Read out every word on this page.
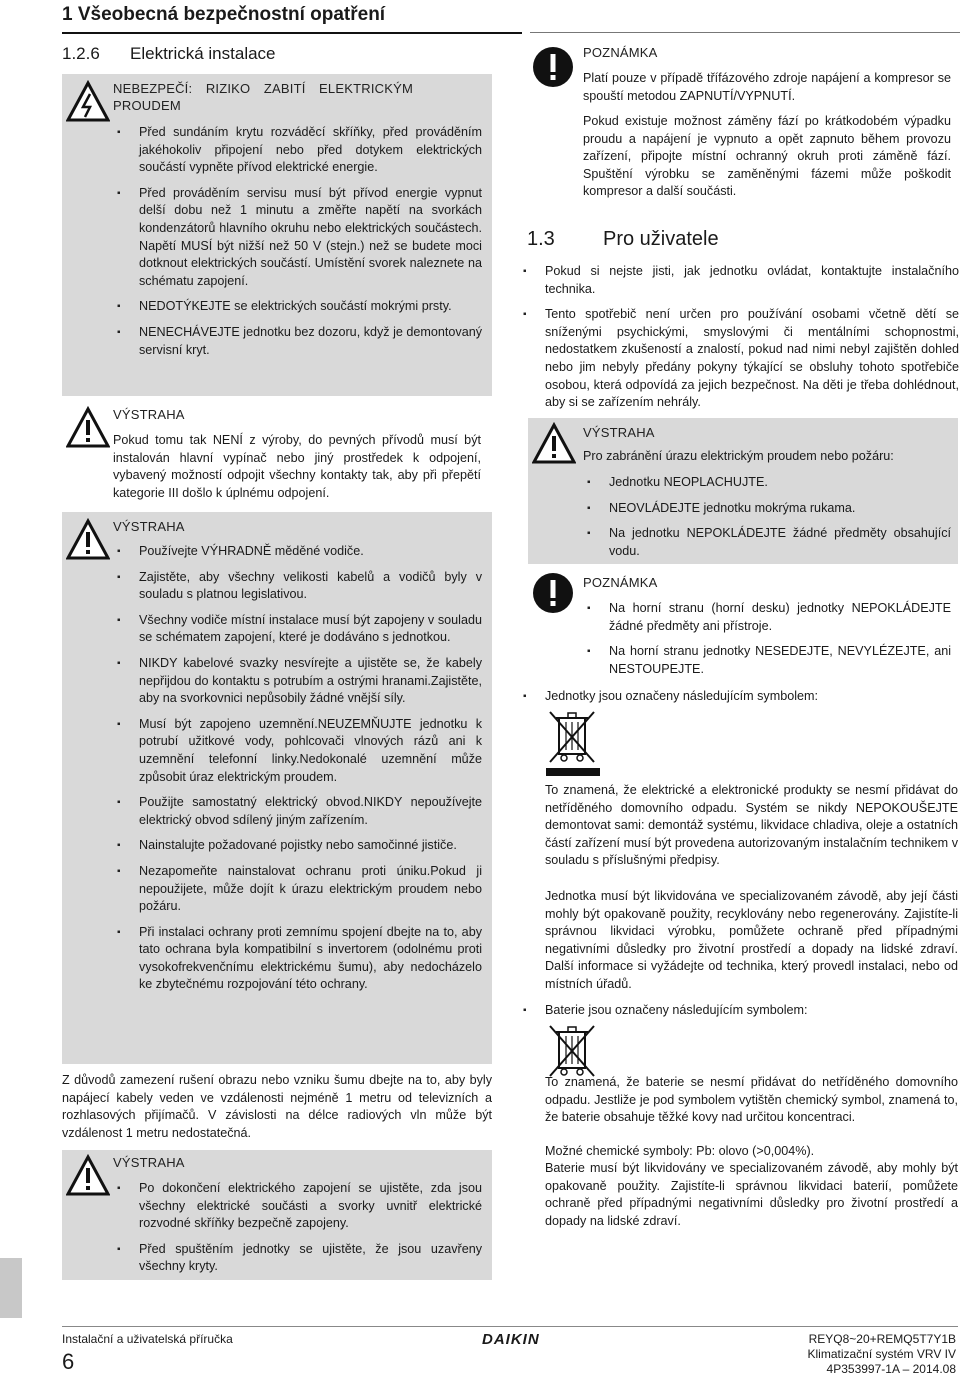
1 Všeobecná bezpečnostní opatření
1.2.6 Elektrická instalace
NEBEZPEČÍ: RIZIKO ZABITÍ ELEKTRICKÝM PROUDEM
▪ Před sundáním krytu rozváděcí skříňky, před prováděním jakéhokoliv připojení nebo před dotykem elektrických součástí vypněte přívod elektrické energie.
▪ Před prováděním servisu musí být přívod energie vypnut delší dobu než 1 minutu a změřte napětí na svorkách kondenzátorů hlavního okruhu nebo elektrických součástech. Napětí MUSÍ být nižší než 50 V (stejn.) než se budete moci dotknout elektrických součástí. Umístění svorek naleznete na schématu zapojení.
▪ NEDOTÝKEJTE se elektrických součástí mokrými prsty.
▪ NENECHÁVEJTE jednotku bez dozoru, když je demontovaný servisní kryt.
VÝSTRAHA
Pokud tomu tak NENÍ z výroby, do pevných přívodů musí být instalován hlavní vypínač nebo jiný prostředek k odpojení, vybavený možností odpojit všechny kontakty tak, aby při přepětí kategorie III došlo k úplnému odpojení.
VÝSTRAHA
▪ Používejte VÝHRADNĚ měděné vodiče.
▪ Zajistěte, aby všechny velikosti kabelů a vodičů byly v souladu s platnou legislativou.
▪ Všechny vodiče místní instalace musí být zapojeny v souladu se schématem zapojení, které je dodáváno s jednotkou.
▪ NIKDY kabelové svazky nesvírejte a ujistěte se, že kabely nepřijdou do kontaktu s potrubím a ostrými hranami.Zajistěte, aby na svorkovnici nepůsobily žádné vnější síly.
▪ Musí být zapojeno uzemnění.NEUZEMŇUJTE jednotku k potrubí užitkové vody, pohlcovači vlnových rázů ani k uzemnění telefonní linky.Nedokonalé uzemnění může způsobit úraz elektrickým proudem.
▪ Použijte samostatný elektrický obvod.NIKDY nepoužívejte elektrický obvod sdílený jiným zařízením.
▪ Nainstalujte požadované pojistky nebo samočinné jističe.
▪ Nezapomeňte nainstalovat ochranu proti úniku.Pokud ji nepoužijete, může dojít k úrazu elektrickým proudem nebo požáru.
▪ Při instalaci ochrany proti zemnímu spojení dbejte na to, aby tato ochrana byla kompatibilní s invertorem (odolnému proti vysokofrekvenčnímu elektrickému šumu), aby nedocházelo ke zbytečnému rozpojování této ochrany.
Z důvodů zamezení rušení obrazu nebo vzniku šumu dbejte na to, aby byly napájecí kabely veden ve vzdálenosti nejméně 1 metru od televizních a rozhlasových přijímačů. V závislosti na délce radiových vln může být vzdálenost 1 metru nedostatečná.
VÝSTRAHA
▪ Po dokončení elektrického zapojení se ujistěte, zda jsou všechny elektrické součásti a svorky uvnitř elektrické rozvodné skříňky bezpečně zapojeny.
▪ Před spuštěním jednotky se ujistěte, že jsou uzavřeny všechny kryty.
POZNÁMKA
Platí pouze v případě třífázového zdroje napájení a kompresor se spouští metodou ZAPNUTÍ/VYPNUTÍ.
Pokud existuje možnost záměny fází po krátkodobém výpadku proudu a napájení je vypnuto a opět zapnuto během provozu zařízení, připojte místní ochranný okruh proti záměně fází. Spuštění výrobku se zaměněnými fázemi může poškodit kompresor a další součásti.
1.3 Pro uživatele
▪ Pokud si nejste jisti, jak jednotku ovládat, kontaktujte instalačního technika.
▪ Tento spotřebič není určen pro používání osobami včetně dětí se sníženými psychickými, smyslovými či mentálními schopnostmi, nedostatkem zkušeností a znalostí, pokud nad nimi nebyl zajištěn dohled nebo jim nebyly předány pokyny týkající se obsluhy tohoto spotřebiče osobou, která odpovídá za jejich bezpečnost. Na děti je třeba dohlédnout, aby si se zařízením nehrály.
VÝSTRAHA
Pro zabránění úrazu elektrickým proudem nebo požáru:
▪ Jednotku NEOPLACHUJTE.
▪ NEOVLÁDEJTE jednotku mokrýma rukama.
▪ Na jednotku NEPOKLÁDEJTE žádné předměty obsahující vodu.
POZNÁMKA
▪ Na horní stranu (horní desku) jednotky NEPOKLÁDEJTE žádné předměty ani přístroje.
▪ Na horní stranu jednotky NESEDEJTE, NEVYLÉZEJTE, ani NESTOUPEJTE.
▪ Jednotky jsou označeny následujícím symbolem:
To znamená, že elektrické a elektronické produkty se nesmí přidávat do netříděného domovního odpadu. Systém se nikdy NEPOKOUŠEJTE demontovat sami: demontáž systému, likvidace chladiva, oleje a ostatních částí zařízení musí být provedena autorizovaným instalačním technikem v souladu s příslušnými předpisy.
Jednotka musí být likvidována ve specializovaném závodě, aby její části mohly být opakovaně použity, recyklovány nebo regenerovány. Zajistíte-li správnou likvidaci výrobku, pomůžete ochraně před případnými negativními důsledky pro životní prostředí a dopady na lidské zdraví. Další informace si vyžádejte od technika, který provedl instalaci, nebo od místních úřadů.
▪ Baterie jsou označeny následujícím symbolem:
To znamená, že baterie se nesmí přidávat do netříděného domovního odpadu. Jestliže je pod symbolem vytištěn chemický symbol, znamená to, že baterie obsahuje těžké kovy nad určitou koncentraci.
Možné chemické symboly: Pb: olovo (>0,004%).
Baterie musí být likvidovány ve specializovaném závodě, aby mohly být opakovaně použity. Zajistíte-li správnou likvidaci baterií, pomůžete ochraně před případnými negativními důsledky pro životní prostředí a dopady na lidské zdraví.
Instalační a uživatelská příručka
6
DAIKIN	REYQ8~20+REMQ5T7Y1B
Klimatizační systém VRV IV
4P353997-1A – 2014.08
